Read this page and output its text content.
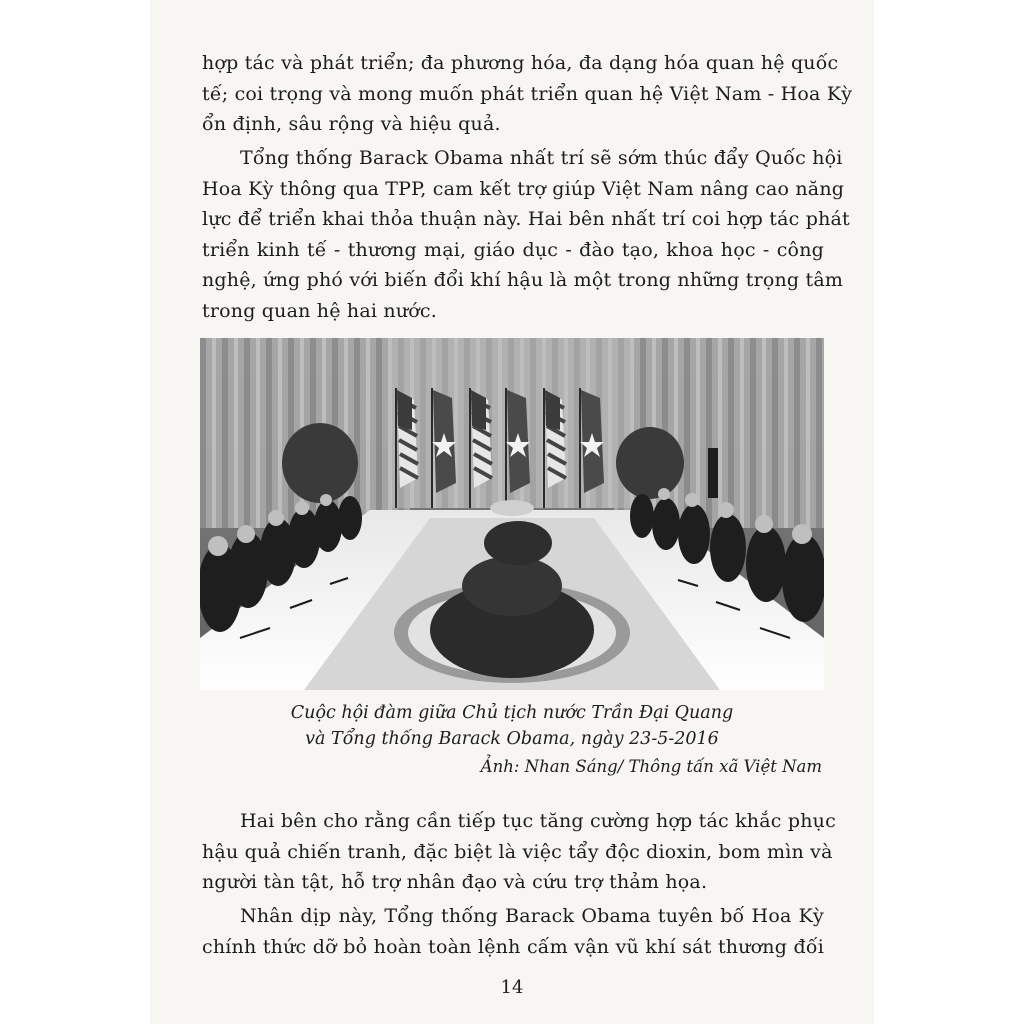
hợp tác và phát triển; đa phương hóa, đa dạng hóa quan hệ quốc
tế; coi trọng và mong muốn phát triển quan hệ Việt Nam - Hoa Kỳ
ổn định, sâu rộng và hiệu quả.

Tổng thống Barack Obama nhất trí sẽ sớm thúc đẩy Quốc hội
Hoa Kỳ thông qua TPP, cam kết trợ giúp Việt Nam nâng cao năng
lực để triển khai thỏa thuận này. Hai bên nhất trí coi hợp tác phát
triển kinh tế - thương mại, giáo dục - đào tạo, khoa học - công
nghệ, ứng phó với biến đổi khí hậu là một trong những trọng tâm
trong quan hệ hai nước.

Cuộc hội đàm giữa Chủ tịch nước Trần Đại Quang

và Tổng thống Barack Obama, ngày 23-5-2016

Ảnh: Nhan Sáng/ Thông tấn xã Việt Nam

Hai bên cho rằng cần tiếp tục tăng cường hợp tác khắc phục
hậu quả chiến tranh, đặc biệt là việc tẩy độc dioxin, bom mìn và
người tàn tật, hỗ trợ nhân đạo và cứu trợ thảm họa.

Nhân dịp này, Tổng thống Barack Obama tuyên bố Hoa Kỳ
chính thức dỡ bỏ hoàn toàn lệnh cấm vận vũ khí sát thương đối

14
